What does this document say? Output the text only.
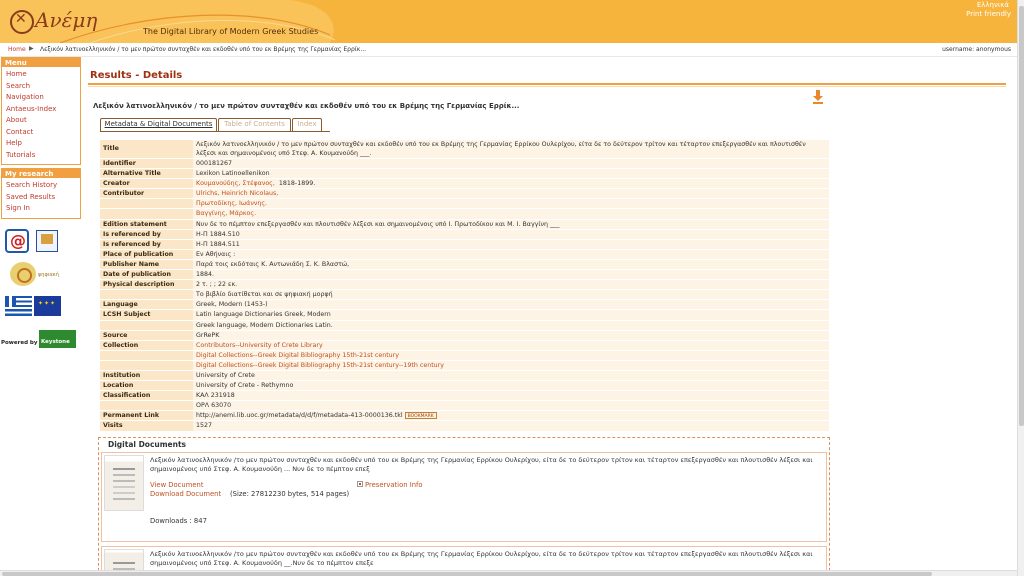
✕Ανέμη	The Digital Library of Modern Greek Studies
Ελληνικά
Print friendly
Home ▶ Λεξικόν λατινοελληνικόν / το μεν πρώτον συνταχθέν και εκδοθέν υπό του εκ Βρέμης της Γερμανίας Ερρίκ...	username: anonymous
Menu
Home
Search
Navigation
Antaeus-Index
About
Contact
Help
Tutorials
My research
Search History
Saved Results
Sign In
@
ψηφιακή
✦✦✦
Powered by Keystone
Results - Details
Λεξικόν λατινοελληνικόν / το μεν πρώτον συνταχθέν και εκδοθέν υπό του εκ Βρέμης της Γερμανίας Ερρίκ...
Metadata & Digital Documents	Table of Contents	Index
Title	Λεξικόν λατινοελληνικόν / το μεν πρώτον συνταχθέν και εκδοθέν υπό του εκ Βρέμης της Γερμανίας Ερρίκου Ουλερίχου, είτα δε το δεύτερον τρίτον και τέταρτον επεξεργασθέν και πλουτισθέν λέξεσι και σημαινομένοις υπό Στεφ. Α. Κουμανούδη ___.
Identifier	000181267
Alternative Title	Lexikon Latinoellenikon
Creator	Κουμανούδης, Στέφανος, 1818-1899.
Contributor	Ulrichs, Heinrich Nicolaus,
	Πρωτοδίκης, Ιωάννης.
	Βαγγίνης, Μάρκος.
Edition statement	Νυν δε το πέμπτον επεξεργασθέν και πλουτισθέν λέξεσι και σημαινομένοις υπό Ι. Πρωτοδίκου και Μ. Ι. Βαγγίνη ___
Is referenced by	Η-Π 1884.510
Is referenced by	Η-Π 1884.511
Place of publication	Εν Αθήναις :
Publisher Name	Παρά τοις εκδόταις Κ. Αντωνιάδη Σ. Κ. Βλαστώ,
Date of publication	1884.
Physical description	2 τ. ; ; 22 εκ.
	Το βιβλίο διατίθεται και σε ψηφιακή μορφή
Language	Greek, Modern (1453-)
LCSH Subject	Latin language Dictionaries Greek, Modern
	Greek language, Modern Dictionaries Latin.
Source	GrRePK
Collection	Contributors--University of Crete Library
	Digital Collections--Greek Digital Bibliography 15th-21st century
	Digital Collections--Greek Digital Bibliography 15th-21st century--19th century
Institution	University of Crete
Location	University of Crete - Rethymno
Classification	ΚΑΛ 231918
	ΟΡΛ 63070
Permanent Link	http://anemi.lib.uoc.gr/metadata/d/d/f/metadata-413-0000136.tkl BOOKMARK
Visits	1527
Digital Documents
Λεξικόν λατινοελληνικόν /το μεν πρώτον συνταχθέν και εκδοθέν υπό του εκ Βρέμης της Γερμανίας Ερρίκου Ουλερίχου, είτα δε το δεύτερον τρίτον και τέταρτον επεξεργασθέν και πλουτισθέν λέξεσι και σημαινομένοις υπό Στεφ. Α. Κουμανούδη ... Νυν δε το πέμπτον επεξ
View Document
Download Document (Size: 27812230 bytes, 514 pages)
Preservation Info
Downloads : 847
Λεξικόν λατινοελληνικόν /το μεν πρώτον συνταχθέν και εκδοθέν υπό του εκ Βρέμης της Γερμανίας Ερρίκου Ουλερίχου, είτα δε το δεύτερον τρίτον και τέταρτον επεξεργασθέν και πλουτισθέν λέξεσι και σημαινομένοις υπό Στεφ. Α. Κουμανούδη __.Νυν δε το πέμπτον επεξε
